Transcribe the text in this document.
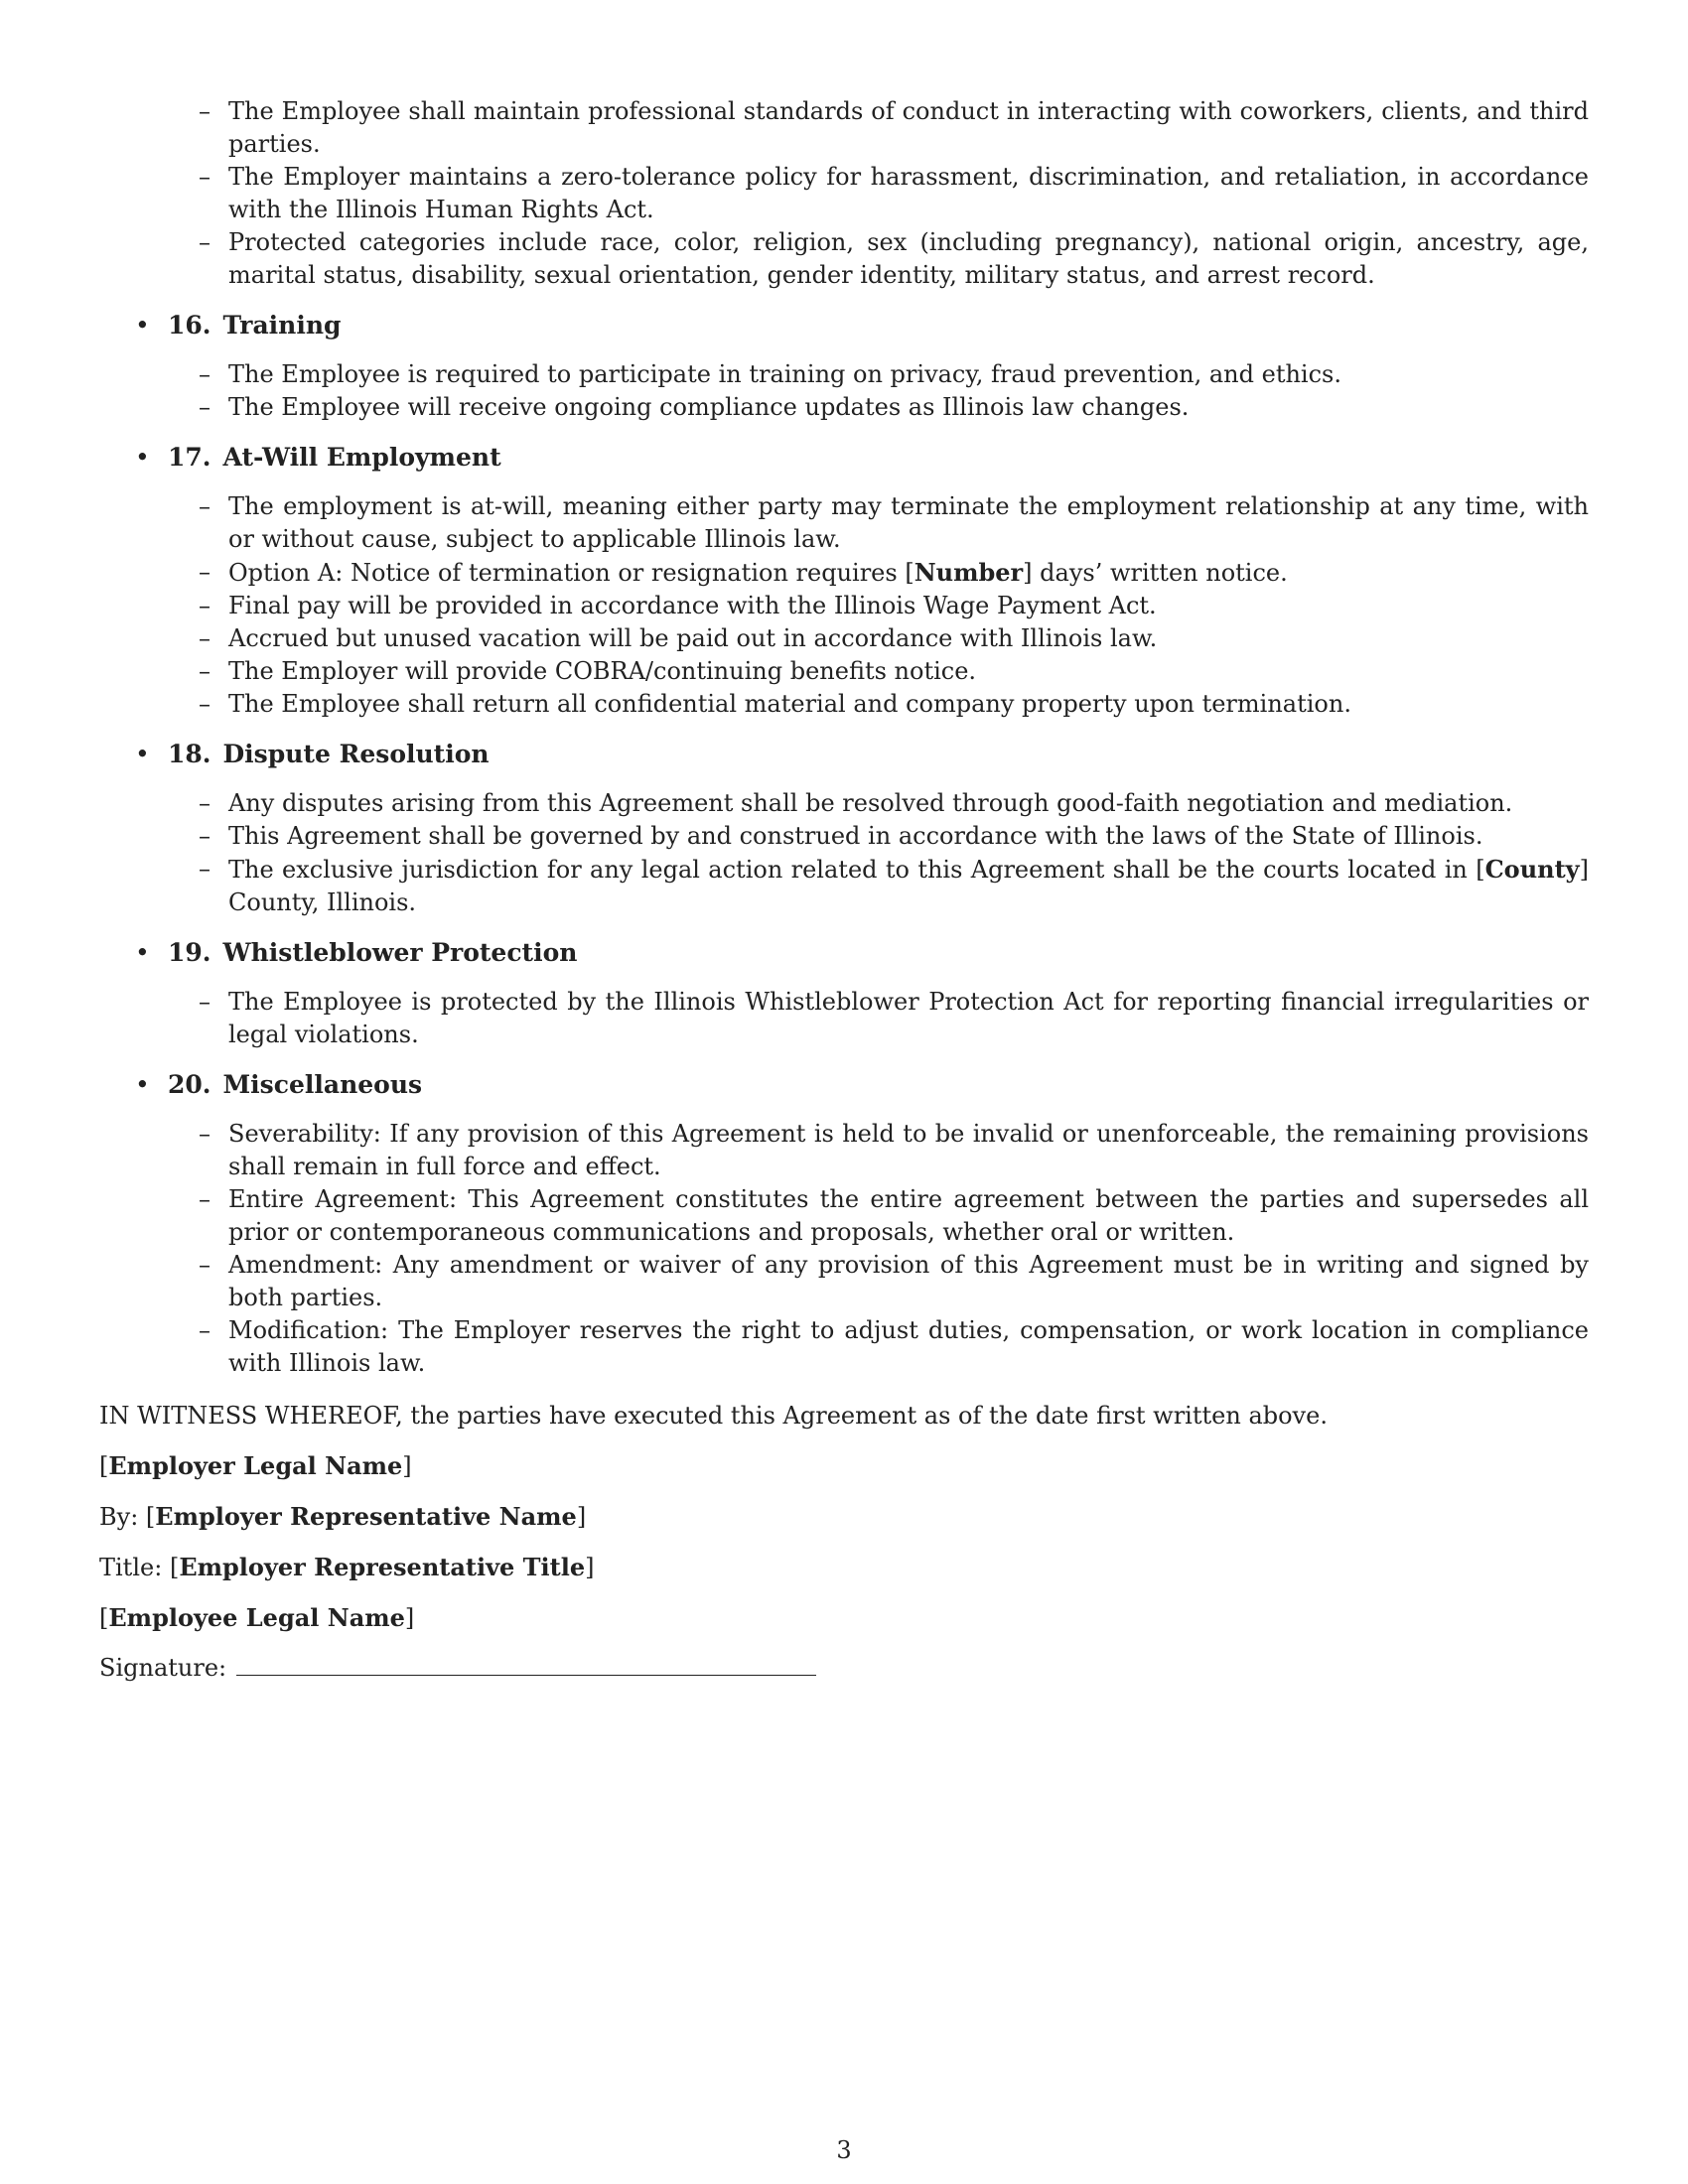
– The Employee shall maintain professional standards of conduct in interacting with coworkers, clients, and third parties.
– The Employer maintains a zero-tolerance policy for harassment, discrimination, and retaliation, in accordance with the Illinois Human Rights Act.
– Protected categories include race, color, religion, sex (including pregnancy), national origin, ancestry, age, marital status, disability, sexual orientation, gender identity, military status, and arrest record.
• 16. Training
– The Employee is required to participate in training on privacy, fraud prevention, and ethics.
– The Employee will receive ongoing compliance updates as Illinois law changes.
• 17. At-Will Employment
– The employment is at-will, meaning either party may terminate the employment relationship at any time, with or without cause, subject to applicable Illinois law.
– Option A: Notice of termination or resignation requires [Number] days’ written notice.
– Final pay will be provided in accordance with the Illinois Wage Payment Act.
– Accrued but unused vacation will be paid out in accordance with Illinois law.
– The Employer will provide COBRA/continuing benefits notice.
– The Employee shall return all confidential material and company property upon termination.
• 18. Dispute Resolution
– Any disputes arising from this Agreement shall be resolved through good-faith negotiation and mediation.
– This Agreement shall be governed by and construed in accordance with the laws of the State of Illinois.
– The exclusive jurisdiction for any legal action related to this Agreement shall be the courts located in [County] County, Illinois.
• 19. Whistleblower Protection
– The Employee is protected by the Illinois Whistleblower Protection Act for reporting financial irregularities or legal violations.
• 20. Miscellaneous
– Severability: If any provision of this Agreement is held to be invalid or unenforceable, the remaining provisions shall remain in full force and effect.
– Entire Agreement: This Agreement constitutes the entire agreement between the parties and supersedes all prior or contemporaneous communications and proposals, whether oral or written.
– Amendment: Any amendment or waiver of any provision of this Agreement must be in writing and signed by both parties.
– Modification: The Employer reserves the right to adjust duties, compensation, or work location in compliance with Illinois law.
IN WITNESS WHEREOF, the parties have executed this Agreement as of the date first written above.
[Employer Legal Name]
By: [Employer Representative Name]
Title: [Employer Representative Title]
[Employee Legal Name]
Signature:
3
